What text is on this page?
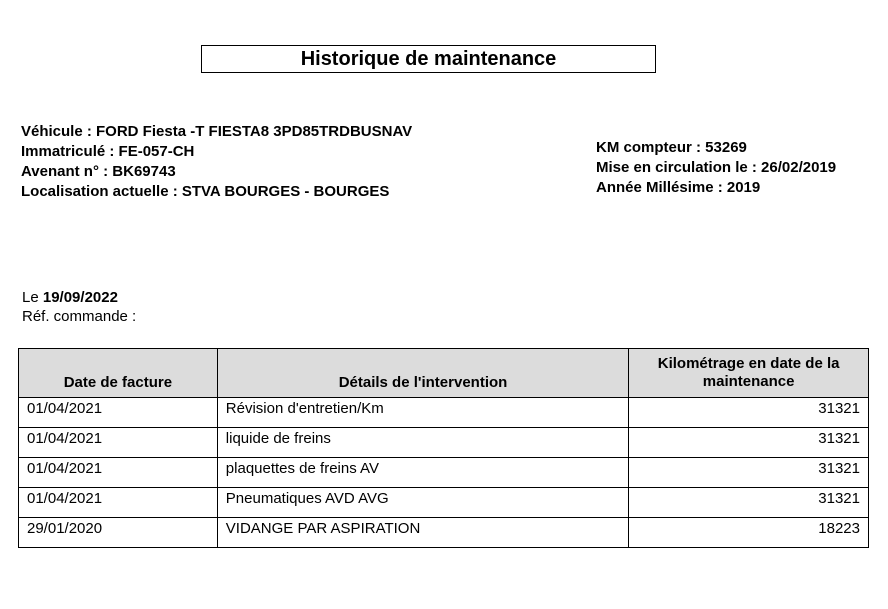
Historique de maintenance
Véhicule : FORD Fiesta -T FIESTA8 3PD85TRDBUSNAV
Immatriculé : FE-057-CH
Avenant n° : BK69743
Localisation actuelle : STVA BOURGES - BOURGES
KM compteur : 53269
Mise en circulation le : 26/02/2019
Année Millésime : 2019
Le 19/09/2022
Réf. commande :
Date de facture	Détails de l'intervention	Kilométrage en date de la maintenance
01/04/2021	Révision d'entretien/Km	31321
01/04/2021	liquide de freins	31321
01/04/2021	plaquettes de freins AV	31321
01/04/2021	Pneumatiques AVD AVG	31321
29/01/2020	VIDANGE PAR ASPIRATION	18223
